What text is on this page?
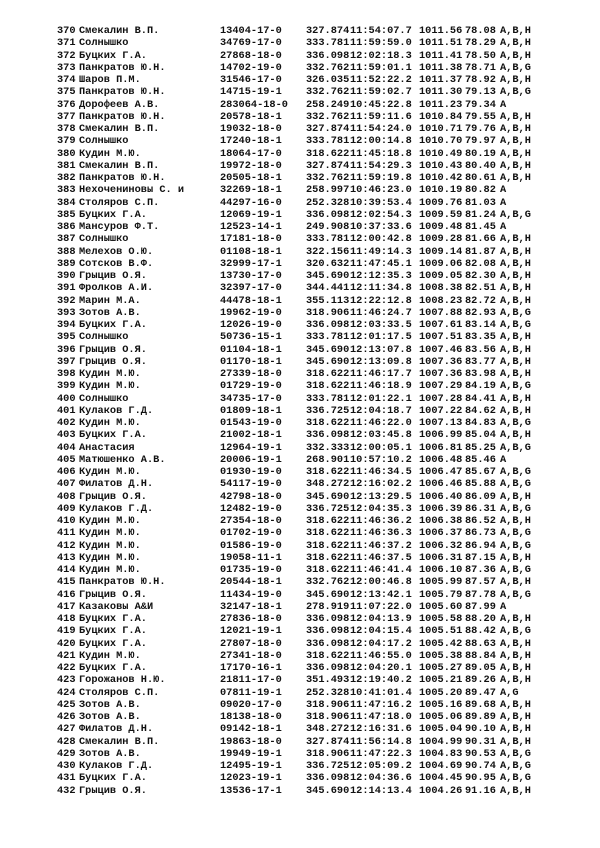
370 Смекалин В.П.	13404-17-0 327.874 11:54:07.7 1011.56 78.08 A,B,H
371 Солнышко	34769-17-0 333.781 11:59:59.0 1011.51 78.29 A,B,H
372 Буцких Г.А.	27868-18-0 336.098 12:02:18.3 1011.41 78.50 A,B,H
373 Панкратов Ю.Н.	14702-19-0 332.762 11:59:01.1 1011.38 78.71 A,B,G
374 Шаров П.М.	31546-17-0 326.035 11:52:22.2 1011.37 78.92 A,B,H
375 Панкратов Ю.Н.	14715-19-1 332.762 11:59:02.7 1011.30 79.13 A,B,G
376 Дорофеев А.В.	283064-18-0 258.249 10:45:22.8 1011.23 79.34 A
377 Панкратов Ю.Н.	20578-18-1 332.762 11:59:11.6 1010.84 79.55 A,B,H
378 Смекалин В.П.	19032-18-0 327.874 11:54:24.0 1010.71 79.76 A,B,H
379 Солнышко	17240-18-1 333.781 12:00:14.8 1010.70 79.97 A,B,H
380 Кудин М.Ю.	18064-17-0 318.622 11:45:18.8 1010.49 80.19 A,B,H
381 Смекалин В.П.	19972-18-0 327.874 11:54:29.3 1010.43 80.40 A,B,H
382 Панкратов Ю.Н.	20505-18-1 332.762 11:59:19.8 1010.42 80.61 A,B,H
383 Нехочениновы С. и	32269-18-1 258.997 10:46:23.0 1010.19 80.82 A
384 Столяров С.П.	44297-16-0 252.328 10:39:53.4 1009.76 81.03 A
385 Буцких Г.А.	12069-19-1 336.098 12:02:54.3 1009.59 81.24 A,B,G
386 Мансуров Ф.Т.	12523-14-1 249.908 10:37:33.6 1009.48 81.45 A
387 Солнышко	17181-18-0 333.781 12:00:42.8 1009.28 81.66 A,B,H
388 Мелехов О.Ю.	01108-18-1 322.156 11:49:14.3 1009.14 81.87 A,B,H
389 Сотсков В.Ф.	32999-17-1 320.632 11:47:45.1 1009.06 82.08 A,B,H
390 Грыцив О.Я.	13730-17-0 345.690 12:12:35.3 1009.05 82.30 A,B,H
391 Фролков А.И.	32397-17-0 344.441 12:11:34.8 1008.38 82.51 A,B,H
392 Марин М.А.	44478-18-1 355.113 12:22:12.8 1008.23 82.72 A,B,H
393 Зотов А.В.	19962-19-0 318.906 11:46:24.7 1007.88 82.93 A,B,G
394 Буцких Г.А.	12026-19-0 336.098 12:03:33.5 1007.61 83.14 A,B,G
395 Солнышко	50736-15-1 333.781 12:01:17.5 1007.51 83.35 A,B,H
396 Грыцив О.Я.	01104-18-1 345.690 12:13:07.8 1007.46 83.56 A,B,H
397 Грыцив О.Я.	01170-18-1 345.690 12:13:09.8 1007.36 83.77 A,B,H
398 Кудин М.Ю.	27339-18-0 318.622 11:46:17.7 1007.36 83.98 A,B,H
399 Кудин М.Ю.	01729-19-0 318.622 11:46:18.9 1007.29 84.19 A,B,G
400 Солнышко	34735-17-0 333.781 12:01:22.1 1007.28 84.41 A,B,H
401 Кулаков Г.Д.	01809-18-1 336.725 12:04:18.7 1007.22 84.62 A,B,H
402 Кудин М.Ю.	01543-19-0 318.622 11:46:22.0 1007.13 84.83 A,B,G
403 Буцких Г.А.	21002-18-1 336.098 12:03:45.8 1006.99 85.04 A,B,H
404 Анастасия	12964-19-1 332.333 12:00:05.1 1006.81 85.25 A,B,G
405 Матюшенко А.В.	20006-19-1 268.901 10:57:10.2 1006.48 85.46 A
406 Кудин М.Ю.	01930-19-0 318.622 11:46:34.5 1006.47 85.67 A,B,G
407 Филатов Д.Н.	54117-19-0 348.272 12:16:02.2 1006.46 85.88 A,B,G
408 Грыцив О.Я.	42798-18-0 345.690 12:13:29.5 1006.40 86.09 A,B,H
409 Кулаков Г.Д.	12482-19-0 336.725 12:04:35.3 1006.39 86.31 A,B,G
410 Кудин М.Ю.	27354-18-0 318.622 11:46:36.2 1006.38 86.52 A,B,H
411 Кудин М.Ю.	01702-19-0 318.622 11:46:36.3 1006.37 86.73 A,B,G
412 Кудин М.Ю.	01586-19-0 318.622 11:46:37.2 1006.32 86.94 A,B,G
413 Кудин М.Ю.	19058-11-1 318.622 11:46:37.5 1006.31 87.15 A,B,H
414 Кудин М.Ю.	01735-19-0 318.622 11:46:41.4 1006.10 87.36 A,B,G
415 Панкратов Ю.Н.	20544-18-1 332.762 12:00:46.8 1005.99 87.57 A,B,H
416 Грыцив О.Я.	11434-19-0 345.690 12:13:42.1 1005.79 87.78 A,B,G
417 Казаковы А&И	32147-18-1 278.919 11:07:22.0 1005.60 87.99 A
418 Буцких Г.А.	27836-18-0 336.098 12:04:13.9 1005.58 88.20 A,B,H
419 Буцких Г.А.	12021-19-1 336.098 12:04:15.4 1005.51 88.42 A,B,G
420 Буцких Г.А.	27807-18-0 336.098 12:04:17.2 1005.42 88.63 A,B,H
421 Кудин М.Ю.	27341-18-0 318.622 11:46:55.0 1005.38 88.84 A,B,H
422 Буцких Г.А.	17170-16-1 336.098 12:04:20.1 1005.27 89.05 A,B,H
423 Горожанов Н.Ю.	21811-17-0 351.493 12:19:40.2 1005.21 89.26 A,B,H
424 Столяров С.П.	07811-19-1 252.328 10:41:01.4 1005.20 89.47 A,G
425 Зотов А.В.	09020-17-0 318.906 11:47:16.2 1005.16 89.68 A,B,H
426 Зотов А.В.	18138-18-0 318.906 11:47:18.0 1005.06 89.89 A,B,H
427 Филатов Д.Н.	09142-18-1 348.272 12:16:31.6 1005.04 90.10 A,B,H
428 Смекалин В.П.	19863-18-0 327.874 11:56:14.8 1004.99 90.31 A,B,H
429 Зотов А.В.	19949-19-1 318.906 11:47:22.3 1004.83 90.53 A,B,G
430 Кулаков Г.Д.	12495-19-1 336.725 12:05:09.2 1004.69 90.74 A,B,G
431 Буцких Г.А.	12023-19-1 336.098 12:04:36.6 1004.45 90.95 A,B,G
432 Грыцив О.Я.	13536-17-1 345.690 12:14:13.4 1004.26 91.16 A,B,H
